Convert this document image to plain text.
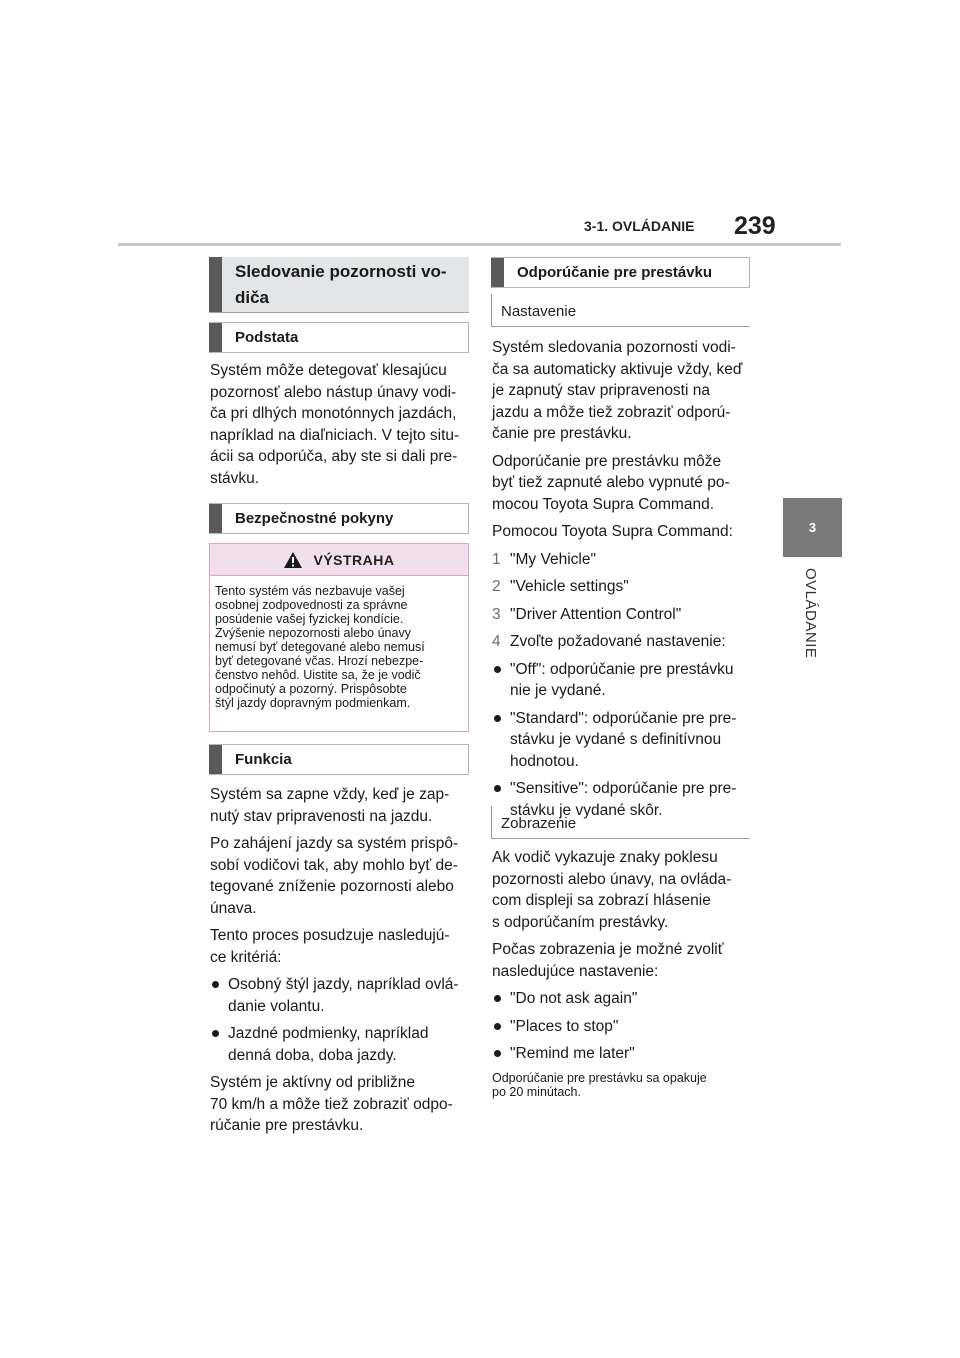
3-1. OVLÁDANIE 239
3
OVLÁDANIE
Sledovanie pozornosti vo-
diča
Podstata
Systém môže detegovať klesajúcu
pozornosť alebo nástup únavy vodi-
ča pri dlhých monotónnych jazdách,
napríklad na diaľniciach. V tejto situ-
ácii sa odporúča, aby ste si dali pre-
stávku.
Bezpečnostné pokyny
VÝSTRAHA
Tento systém vás nezbavuje vašej
osobnej zodpovednosti za správne
posúdenie vašej fyzickej kondície.
Zvýšenie nepozornosti alebo únavy
nemusí byť detegované alebo nemusí
byť detegované včas. Hrozí nebezpe-
čenstvo nehôd. Uistite sa, že je vodič
odpočinutý a pozorný. Prispôsobte
štýl jazdy dopravným podmienkam.
Funkcia
Systém sa zapne vždy, keď je zap-
nutý stav pripravenosti na jazdu.
Po zahájení jazdy sa systém prispô-
sobí vodičovi tak, aby mohlo byť de-
tegované zníženie pozornosti alebo
únava.
Tento proces posudzuje nasledujú-
ce kritériá:
Osobný štýl jazdy, napríklad ovlá-
danie volantu.
Jazdné podmienky, napríklad
denná doba, doba jazdy.
Systém je aktívny od približne
70 km/h a môže tiež zobraziť odpo-
rúčanie pre prestávku.
Odporúčanie pre prestávku
Nastavenie
Systém sledovania pozornosti vodi-
ča sa automaticky aktivuje vždy, keď
je zapnutý stav pripravenosti na
jazdu a môže tiež zobraziť odporú-
čanie pre prestávku.
Odporúčanie pre prestávku môže
byť tiež zapnuté alebo vypnuté po-
mocou Toyota Supra Command.
Pomocou Toyota Supra Command:
1 "My Vehicle"
2 "Vehicle settings"
3 "Driver Attention Control"
4 Zvoľte požadované nastavenie:
"Off": odporúčanie pre prestávku
nie je vydané.
"Standard": odporúčanie pre pre-
stávku je vydané s definitívnou
hodnotou.
"Sensitive": odporúčanie pre pre-
stávku je vydané skôr.
Zobrazenie
Ak vodič vykazuje znaky poklesu
pozornosti alebo únavy, na ovláda-
com displeji sa zobrazí hlásenie
s odporúčaním prestávky.
Počas zobrazenia je možné zvoliť
nasledujúce nastavenie:
"Do not ask again"
"Places to stop"
"Remind me later"
Odporúčanie pre prestávku sa opakuje
po 20 minútach.
